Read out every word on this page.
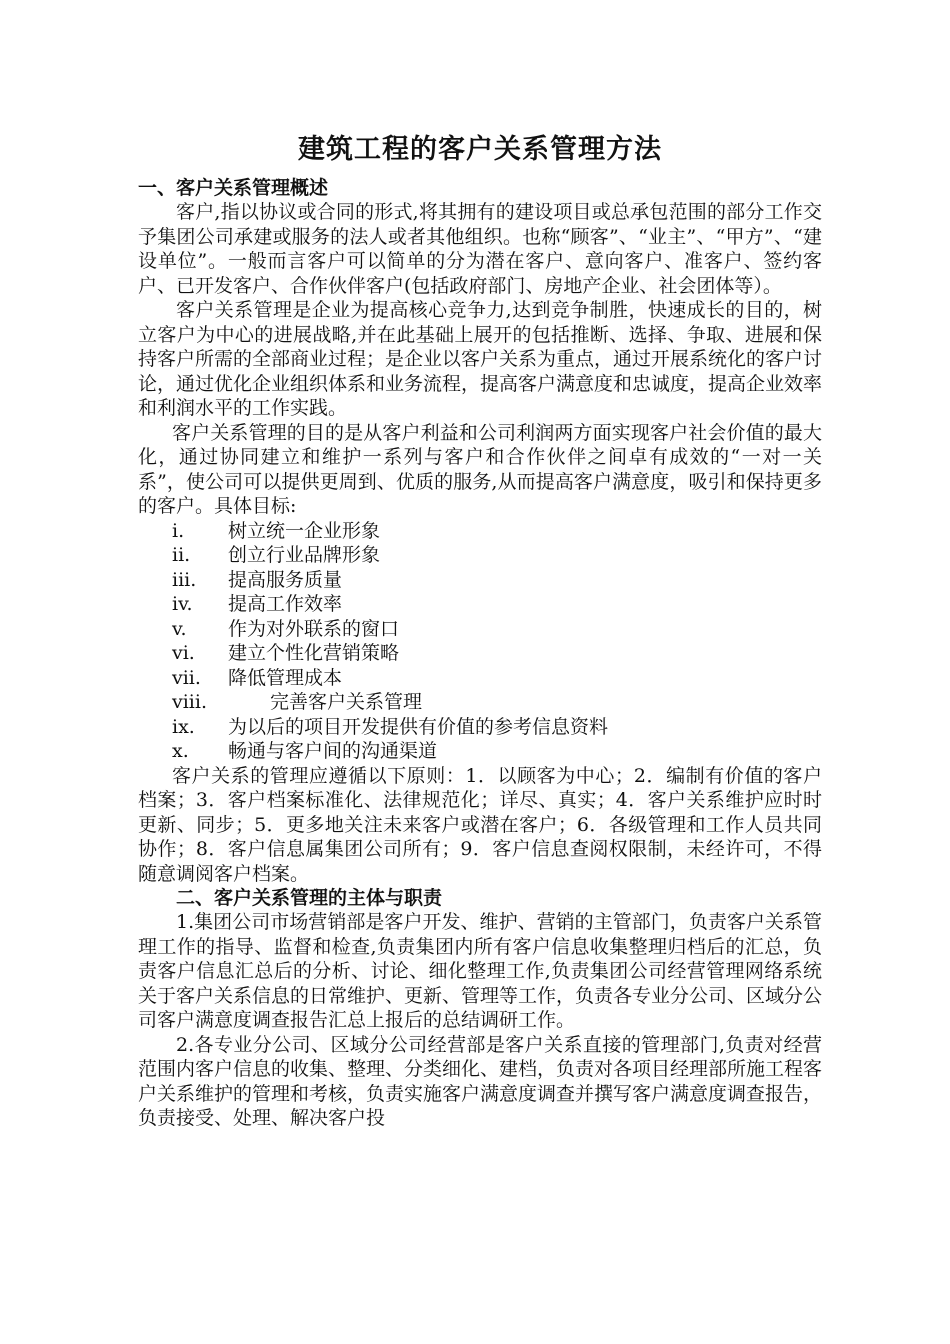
建筑工程的客户关系管理方法
一、客户关系管理概述

客户,指以协议或合同的形式,将其拥有的建设项目或总承包范围的部分工作交予集团公司承建或服务的法人或者其他组织。也称“顾客”、“业主”、“甲方”、“建设单位”。一般而言客户可以简单的分为潜在客户、意向客户、准客户、签约客户、已开发客户、合作伙伴客户(包括政府部门、房地产企业、社会团体等）。

客户关系管理是企业为提高核心竞争力,达到竞争制胜，快速成长的目的，树立客户为中心的进展战略,并在此基础上展开的包括推断、选择、争取、进展和保持客户所需的全部商业过程；是企业以客户关系为重点，通过开展系统化的客户讨论，通过优化企业组织体系和业务流程，提高客户满意度和忠诚度，提高企业效率和利润水平的工作实践。

客户关系管理的目的是从客户利益和公司利润两方面实现客户社会价值的最大化，通过协同建立和维护一系列与客户和合作伙伴之间卓有成效的“一对一关系”，使公司可以提供更周到、优质的服务,从而提高客户满意度，吸引和保持更多的客户。具体目标:

i.	树立统一企业形象
ii.	创立行业品牌形象
iii.	提高服务质量
iv.	提高工作效率
v.	作为对外联系的窗口
vi.	建立个性化营销策略
vii.	降低管理成本
viii.	完善客户关系管理
ix.	为以后的项目开发提供有价值的参考信息资料
x.	畅通与客户间的沟通渠道

客户关系的管理应遵循以下原则：1．以顾客为中心；2．编制有价值的客户档案；3．客户档案标准化、法律规范化；详尽、真实；4．客户关系维护应时时更新、同步；5．更多地关注未来客户或潜在客户；6．各级管理和工作人员共同协作；8．客户信息属集团公司所有；9．客户信息查阅权限制，未经许可，不得随意调阅客户档案。

二、客户关系管理的主体与职责

1.集团公司市场营销部是客户开发、维护、营销的主管部门，负责客户关系管理工作的指导、监督和检查,负责集团内所有客户信息收集整理归档后的汇总，负责客户信息汇总后的分析、讨论、细化整理工作,负责集团公司经营管理网络系统关于客户关系信息的日常维护、更新、管理等工作，负责各专业分公司、区域分公司客户满意度调查报告汇总上报后的总结调研工作。

2.各专业分公司、区域分公司经营部是客户关系直接的管理部门,负责对经营范围内客户信息的收集、整理、分类细化、建档，负责对各项目经理部所施工程客户关系维护的管理和考核，负责实施客户满意度调查并撰写客户满意度调查报告，负责接受、处理、解决客户投
